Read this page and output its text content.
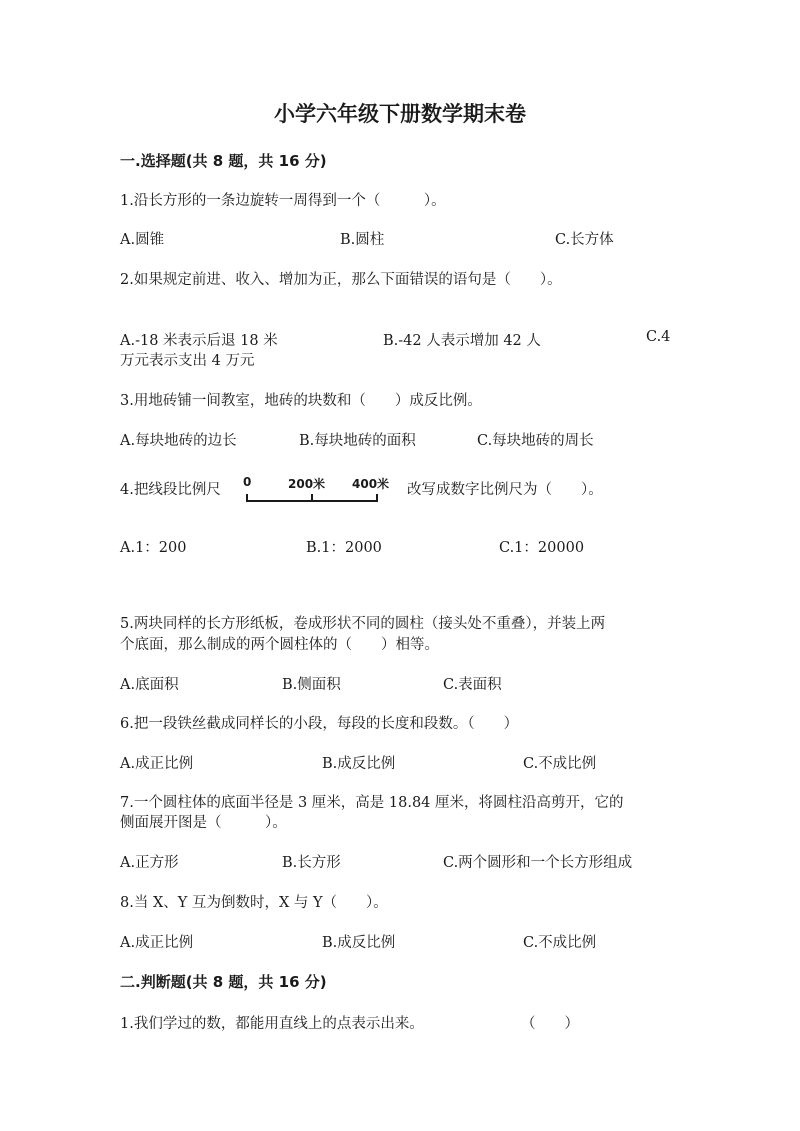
小学六年级下册数学期末卷
一.选择题(共 8 题，共 16 分)
1.沿长方形的一条边旋转一周得到一个（　　　）。
A.圆锥	B.圆柱	C.长方体
2.如果规定前进、收入、增加为正，那么下面错误的语句是（　　）。
A.-18 米表示后退 18 米	B.-42 人表示增加 42 人	C.4
万元表示支出 4 万元
3.用地砖铺一间教室，地砖的块数和（　　）成反比例。
A.每块地砖的边长	B.每块地砖的面积	C.每块地砖的周长
4.把线段比例尺 0	200米 400米 改写成数字比例尺为（　　）。
A.1：200	B.1：2000	C.1：20000
5.两块同样的长方形纸板，卷成形状不同的圆柱（接头处不重叠），并装上两
个底面，那么制成的两个圆柱体的（　　）相等。
A.底面积	B.侧面积	C.表面积
6.把一段铁丝截成同样长的小段，每段的长度和段数。（　　）
A.成正比例	B.成反比例	C.不成比例
7.一个圆柱体的底面半径是 3 厘米，高是 18.84 厘米，将圆柱沿高剪开，它的
侧面展开图是（　　　）。
A.正方形	B.长方形	C.两个圆形和一个长方形组成
8.当 X、Y 互为倒数时，X 与 Y（　　）。
A.成正比例	B.成反比例	C.不成比例
二.判断题(共 8 题，共 16 分)
1.我们学过的数，都能用直线上的点表示出来。	（　　）
